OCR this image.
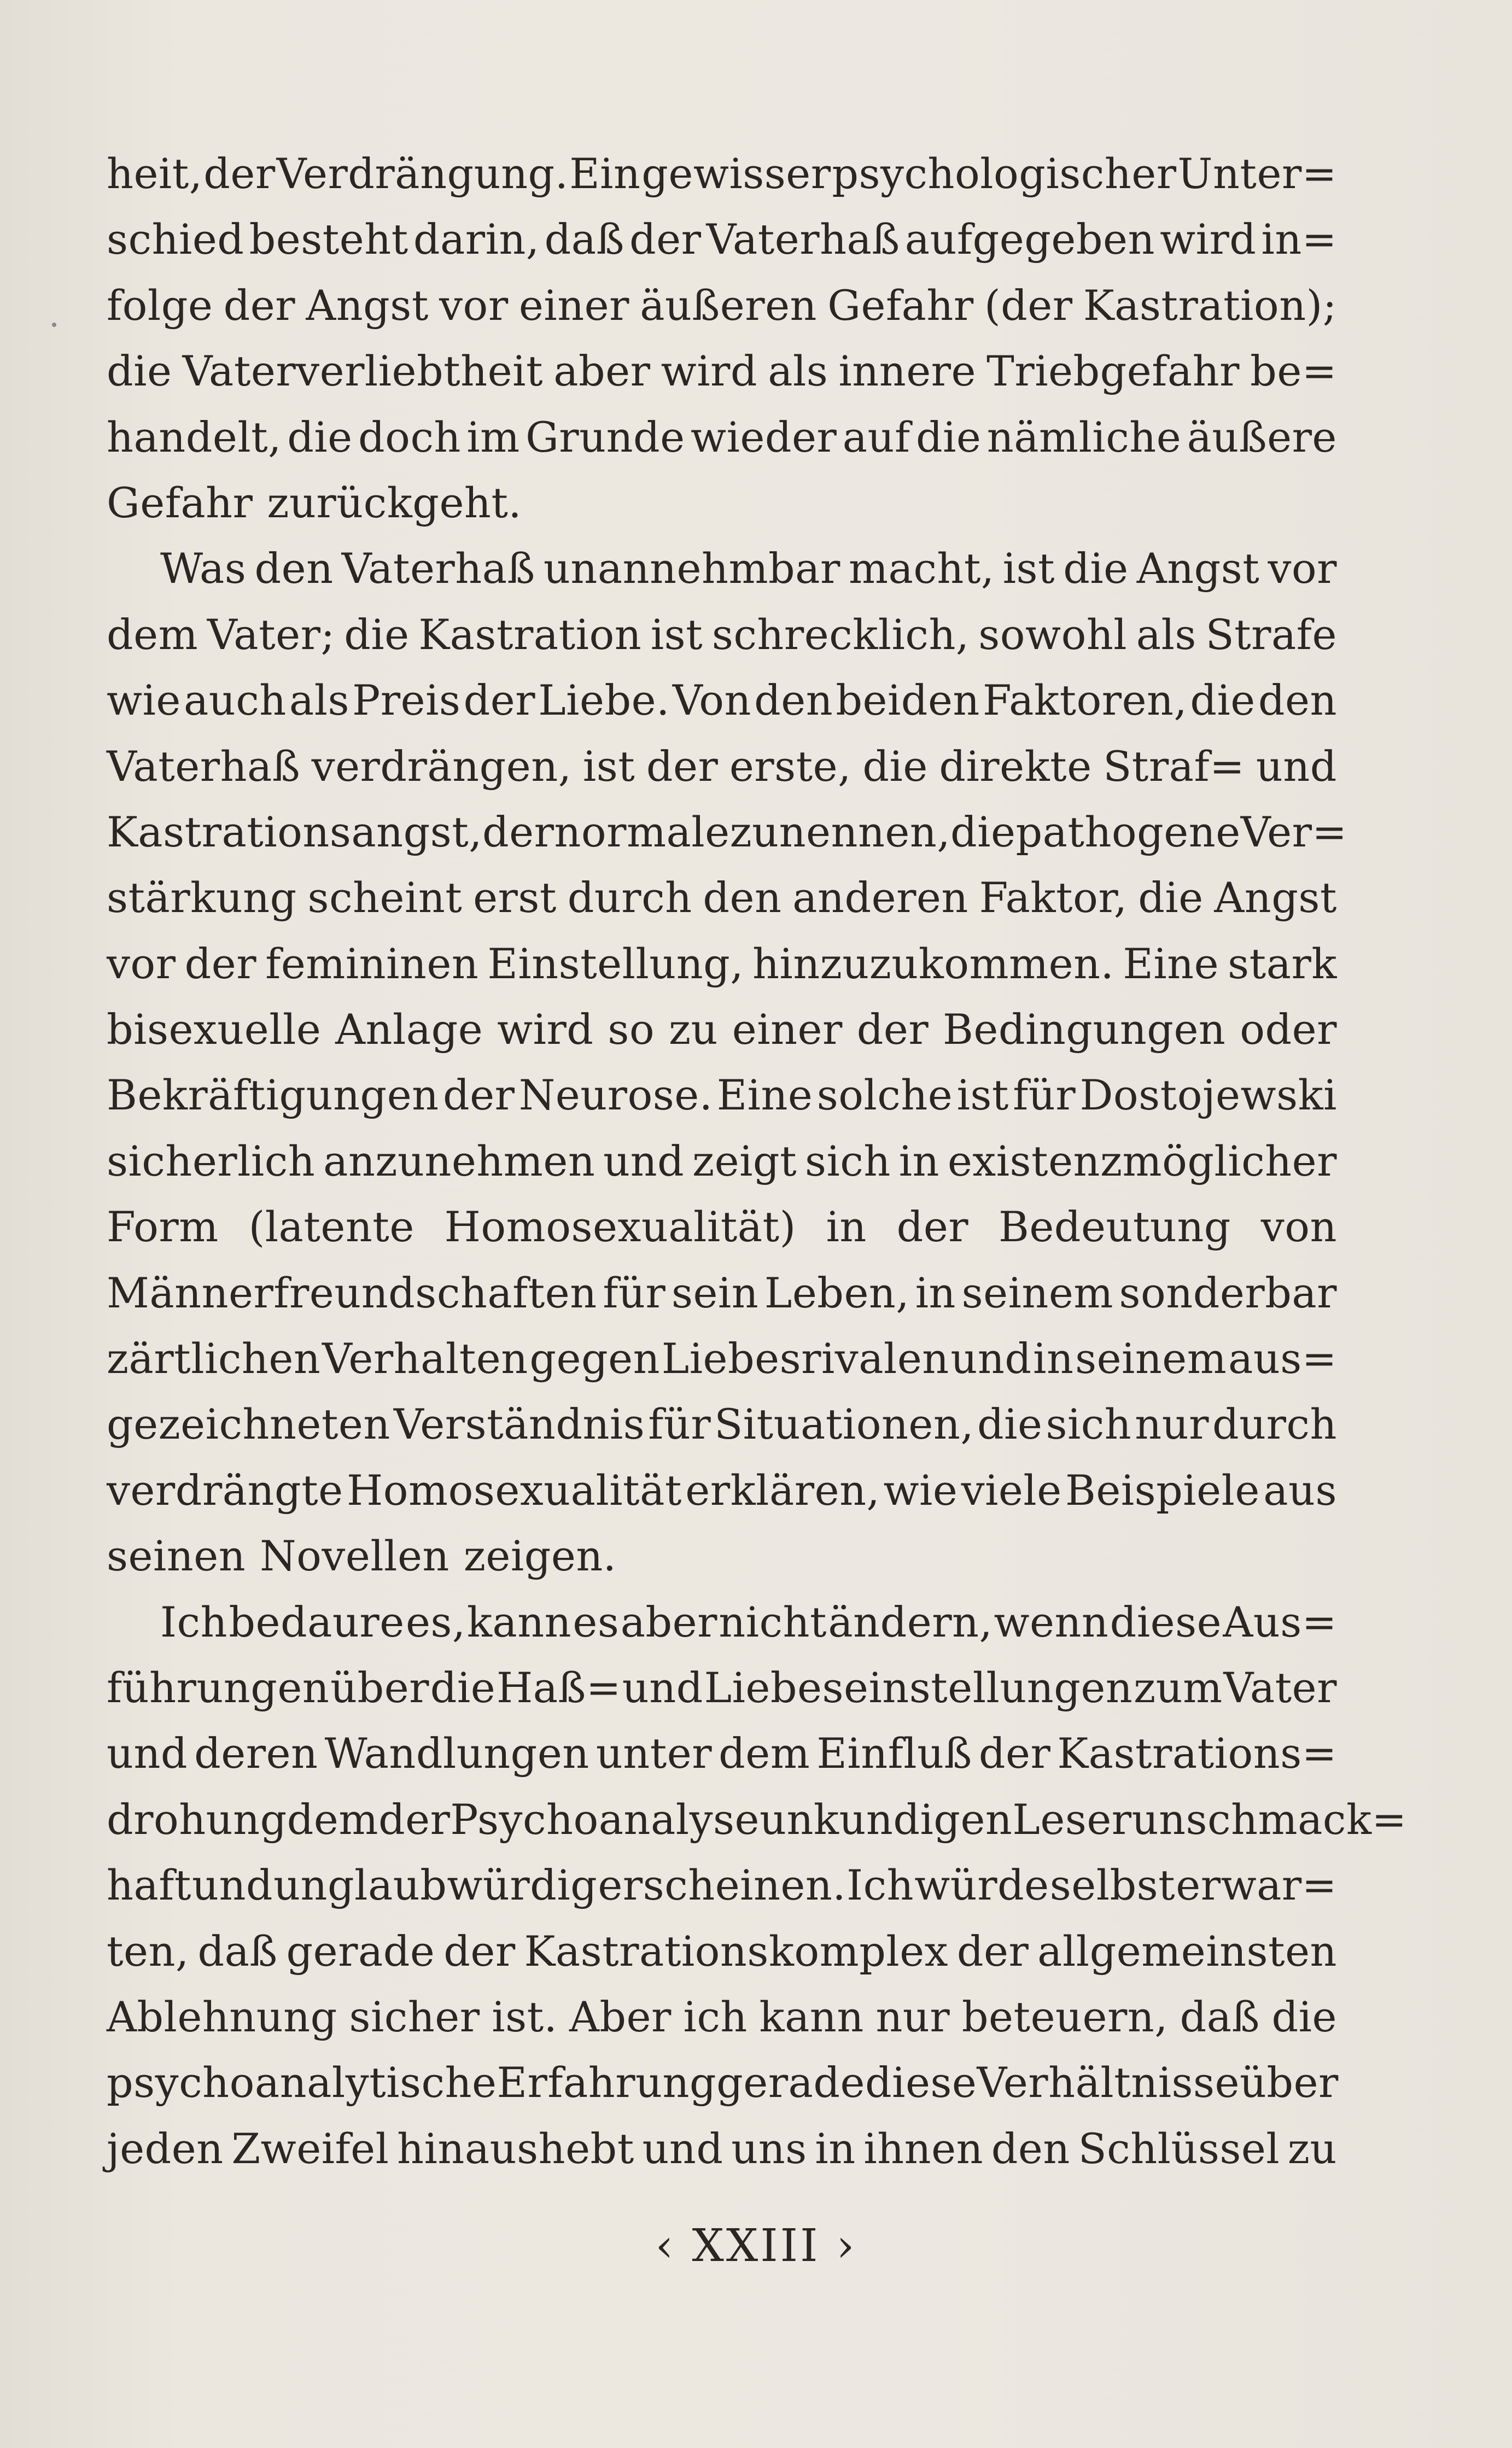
heit, der Verdrängung. Ein gewisser psychologischer Unter=
schied besteht darin, daß der Vaterhaß aufgegeben wird in=
folge der Angst vor einer äußeren Gefahr (der Kastration);
die Vaterverliebtheit aber wird als innere Triebgefahr be=
handelt, die doch im Grunde wieder auf die nämliche äußere
Gefahr zurückgeht.
Was den Vaterhaß unannehmbar macht, ist die Angst vor
dem Vater; die Kastration ist schrecklich, sowohl als Strafe
wie auch als Preis der Liebe. Von den beiden Faktoren, die den
Vaterhaß verdrängen, ist der erste, die direkte Straf= und
Kastrationsangst, der normale zu nennen, die pathogene Ver=
stärkung scheint erst durch den anderen Faktor, die Angst
vor der femininen Einstellung, hinzuzukommen. Eine stark
bisexuelle Anlage wird so zu einer der Bedingungen oder
Bekräftigungen der Neurose. Eine solche ist für Dostojewski
sicherlich anzunehmen und zeigt sich in existenzmöglicher
Form (latente Homosexualität) in der Bedeutung von
Männerfreundschaften für sein Leben, in seinem sonderbar
zärtlichen Verhalten gegen Liebesrivalen und in seinem aus=
gezeichneten Verständnis für Situationen, die sich nur durch
verdrängte Homosexualität erklären, wie viele Beispiele aus
seinen Novellen zeigen.
Ich bedaure es, kann es aber nicht ändern, wenn diese Aus=
führungen über die Haß= und Liebeseinstellungen zum Vater
und deren Wandlungen unter dem Einfluß der Kastrations=
drohung dem der Psychoanalyse unkundigen Leser unschmack=
haft und unglaubwürdig erscheinen. Ich würde selbst erwar=
ten, daß gerade der Kastrationskomplex der allgemeinsten
Ablehnung sicher ist. Aber ich kann nur beteuern, daß die
psychoanalytische Erfahrung gerade diese Verhältnisse über
jeden Zweifel hinaushebt und uns in ihnen den Schlüssel zu
‹ XXIII ›
